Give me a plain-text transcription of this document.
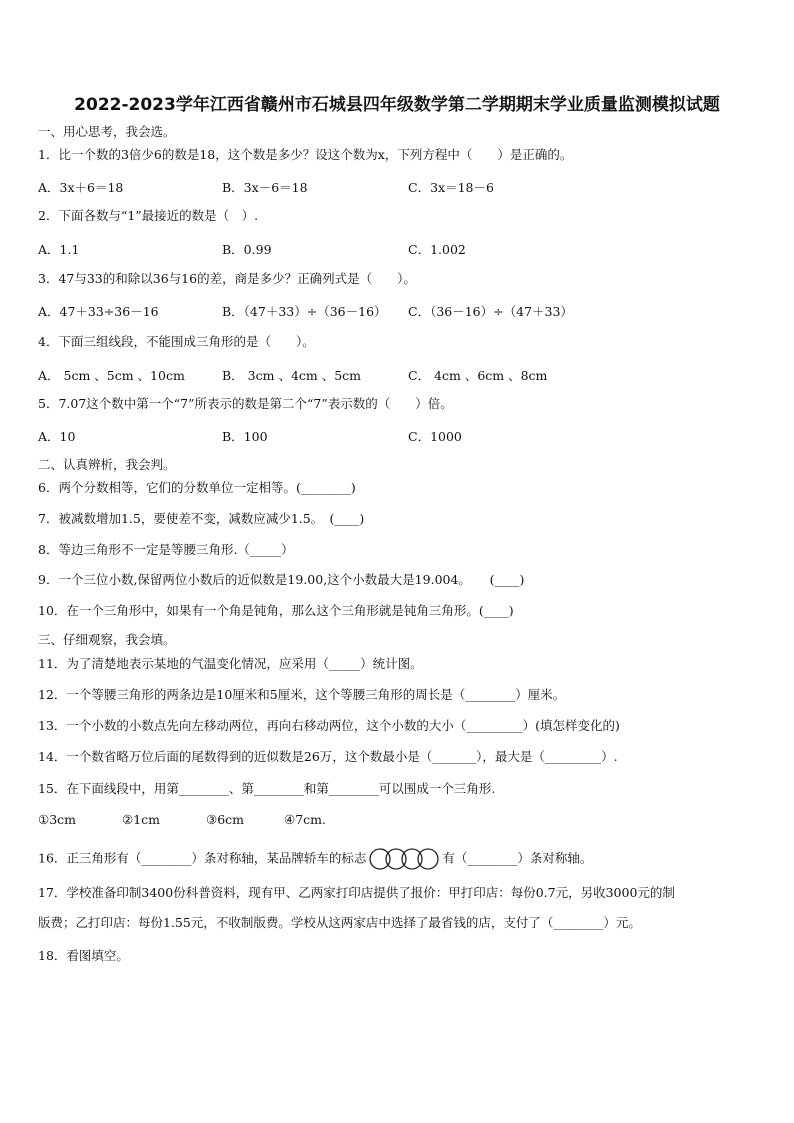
2022-2023学年江西省赣州市石城县四年级数学第二学期期末学业质量监测模拟试题
一、用心思考，我会选。
1．比一个数的3倍少6的数是18，这个数是多少？设这个数为x，下列方程中（　　）是正确的。
A．3x＋6＝18	B．3x－6＝18	C．3x＝18－6
2．下面各数与“1”最接近的数是（　）.
A．1.1	B．0.99	C．1.002
3．47与33的和除以36与16的差，商是多少？正确列式是（　　）。
A．47＋33÷36－16	B．（47＋33）÷（36－16） C．（36－16）÷（47＋33）
4．下面三组线段，不能围成三角形的是（　　）。
A． 5cm 、5cm 、10cm	B． 3cm 、4cm 、5cm	C． 4cm 、6cm 、8cm
5．7.07这个数中第一个“7”所表示的数是第二个“7”表示数的（　　）倍。
A．10	B．100	C．1000
二、认真辨析，我会判。
6．两个分数相等，它们的分数单位一定相等。(________)
7．被减数增加1.5，要使差不变，减数应减少1.5。　(____)
8．等边三角形不一定是等腰三角形.（_____）
9．一个三位小数,保留两位小数后的近似数是19.00,这个小数最大是19.004。　　(____)
10．在一个三角形中，如果有一个角是钝角，那么这个三角形就是钝角三角形。(____)
三、仔细观察，我会填。
11．为了清楚地表示某地的气温变化情况，应采用（_____）统计图。
12．一个等腰三角形的两条边是10厘米和5厘米，这个等腰三角形的周长是（________）厘米。
13．一个小数的小数点先向左移动两位，再向右移动两位，这个小数的大小（_________）(填怎样变化的)
14．一个数省略万位后面的尾数得到的近似数是26万，这个数最小是（_______），最大是（_________）.
15．在下面线段中，用第________、第________和第________可以围成一个三角形.
①3cm	②1cm	③6cm	④7cm.
16．正三角形有（________）条对称轴，某品牌轿车的标志	有（________）条对称轴。
17．学校准备印制3400份科普资料，现有甲、乙两家打印店提供了报价：甲打印店：每份0.7元，另收3000元的制
版费；乙打印店：每份1.55元，不收制版费。学校从这两家店中选择了最省钱的店，支付了（________）元。
18．看图填空。
